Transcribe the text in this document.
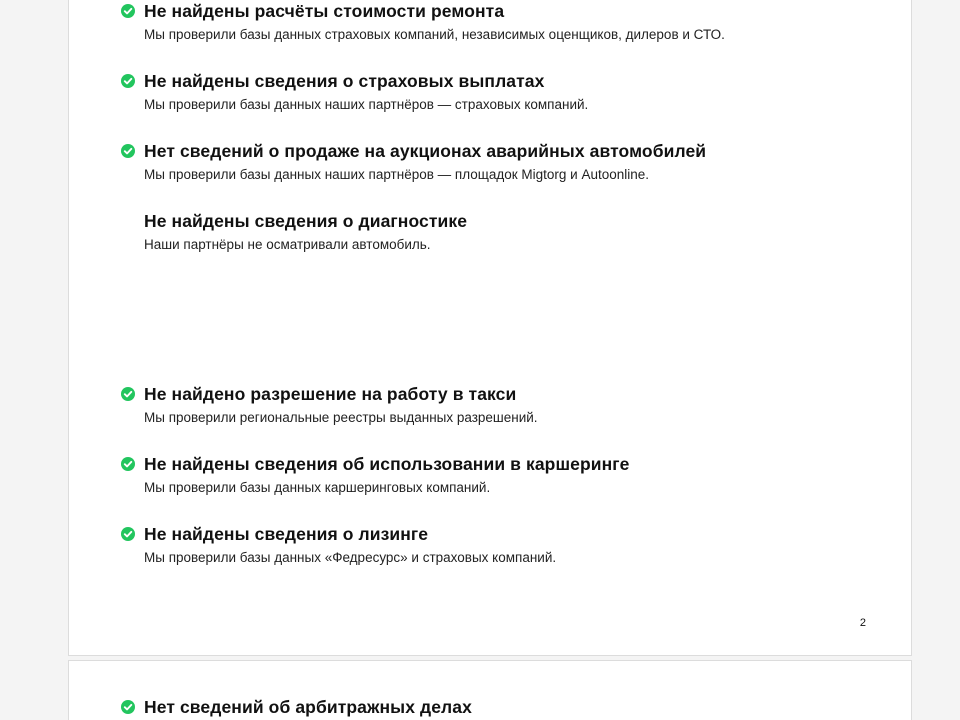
Не найдены расчёты стоимости ремонта
Мы проверили базы данных страховых компаний, независимых оценщиков, дилеров и СТО.
Не найдены сведения о страховых выплатах
Мы проверили базы данных наших партнёров — страховых компаний.
Нет сведений о продаже на аукционах аварийных автомобилей
Мы проверили базы данных наших партнёров — площадок Migtorg и Autoonline.
Не найдены сведения о диагностике
Наши партнёры не осматривали автомобиль.
Не найдено разрешение на работу в такси
Мы проверили региональные реестры выданных разрешений.
Не найдены сведения об использовании в каршеринге
Мы проверили базы данных каршеринговых компаний.
Не найдены сведения о лизинге
Мы проверили базы данных «Федресурс» и страховых компаний.
2
Нет сведений об арбитражных делах
